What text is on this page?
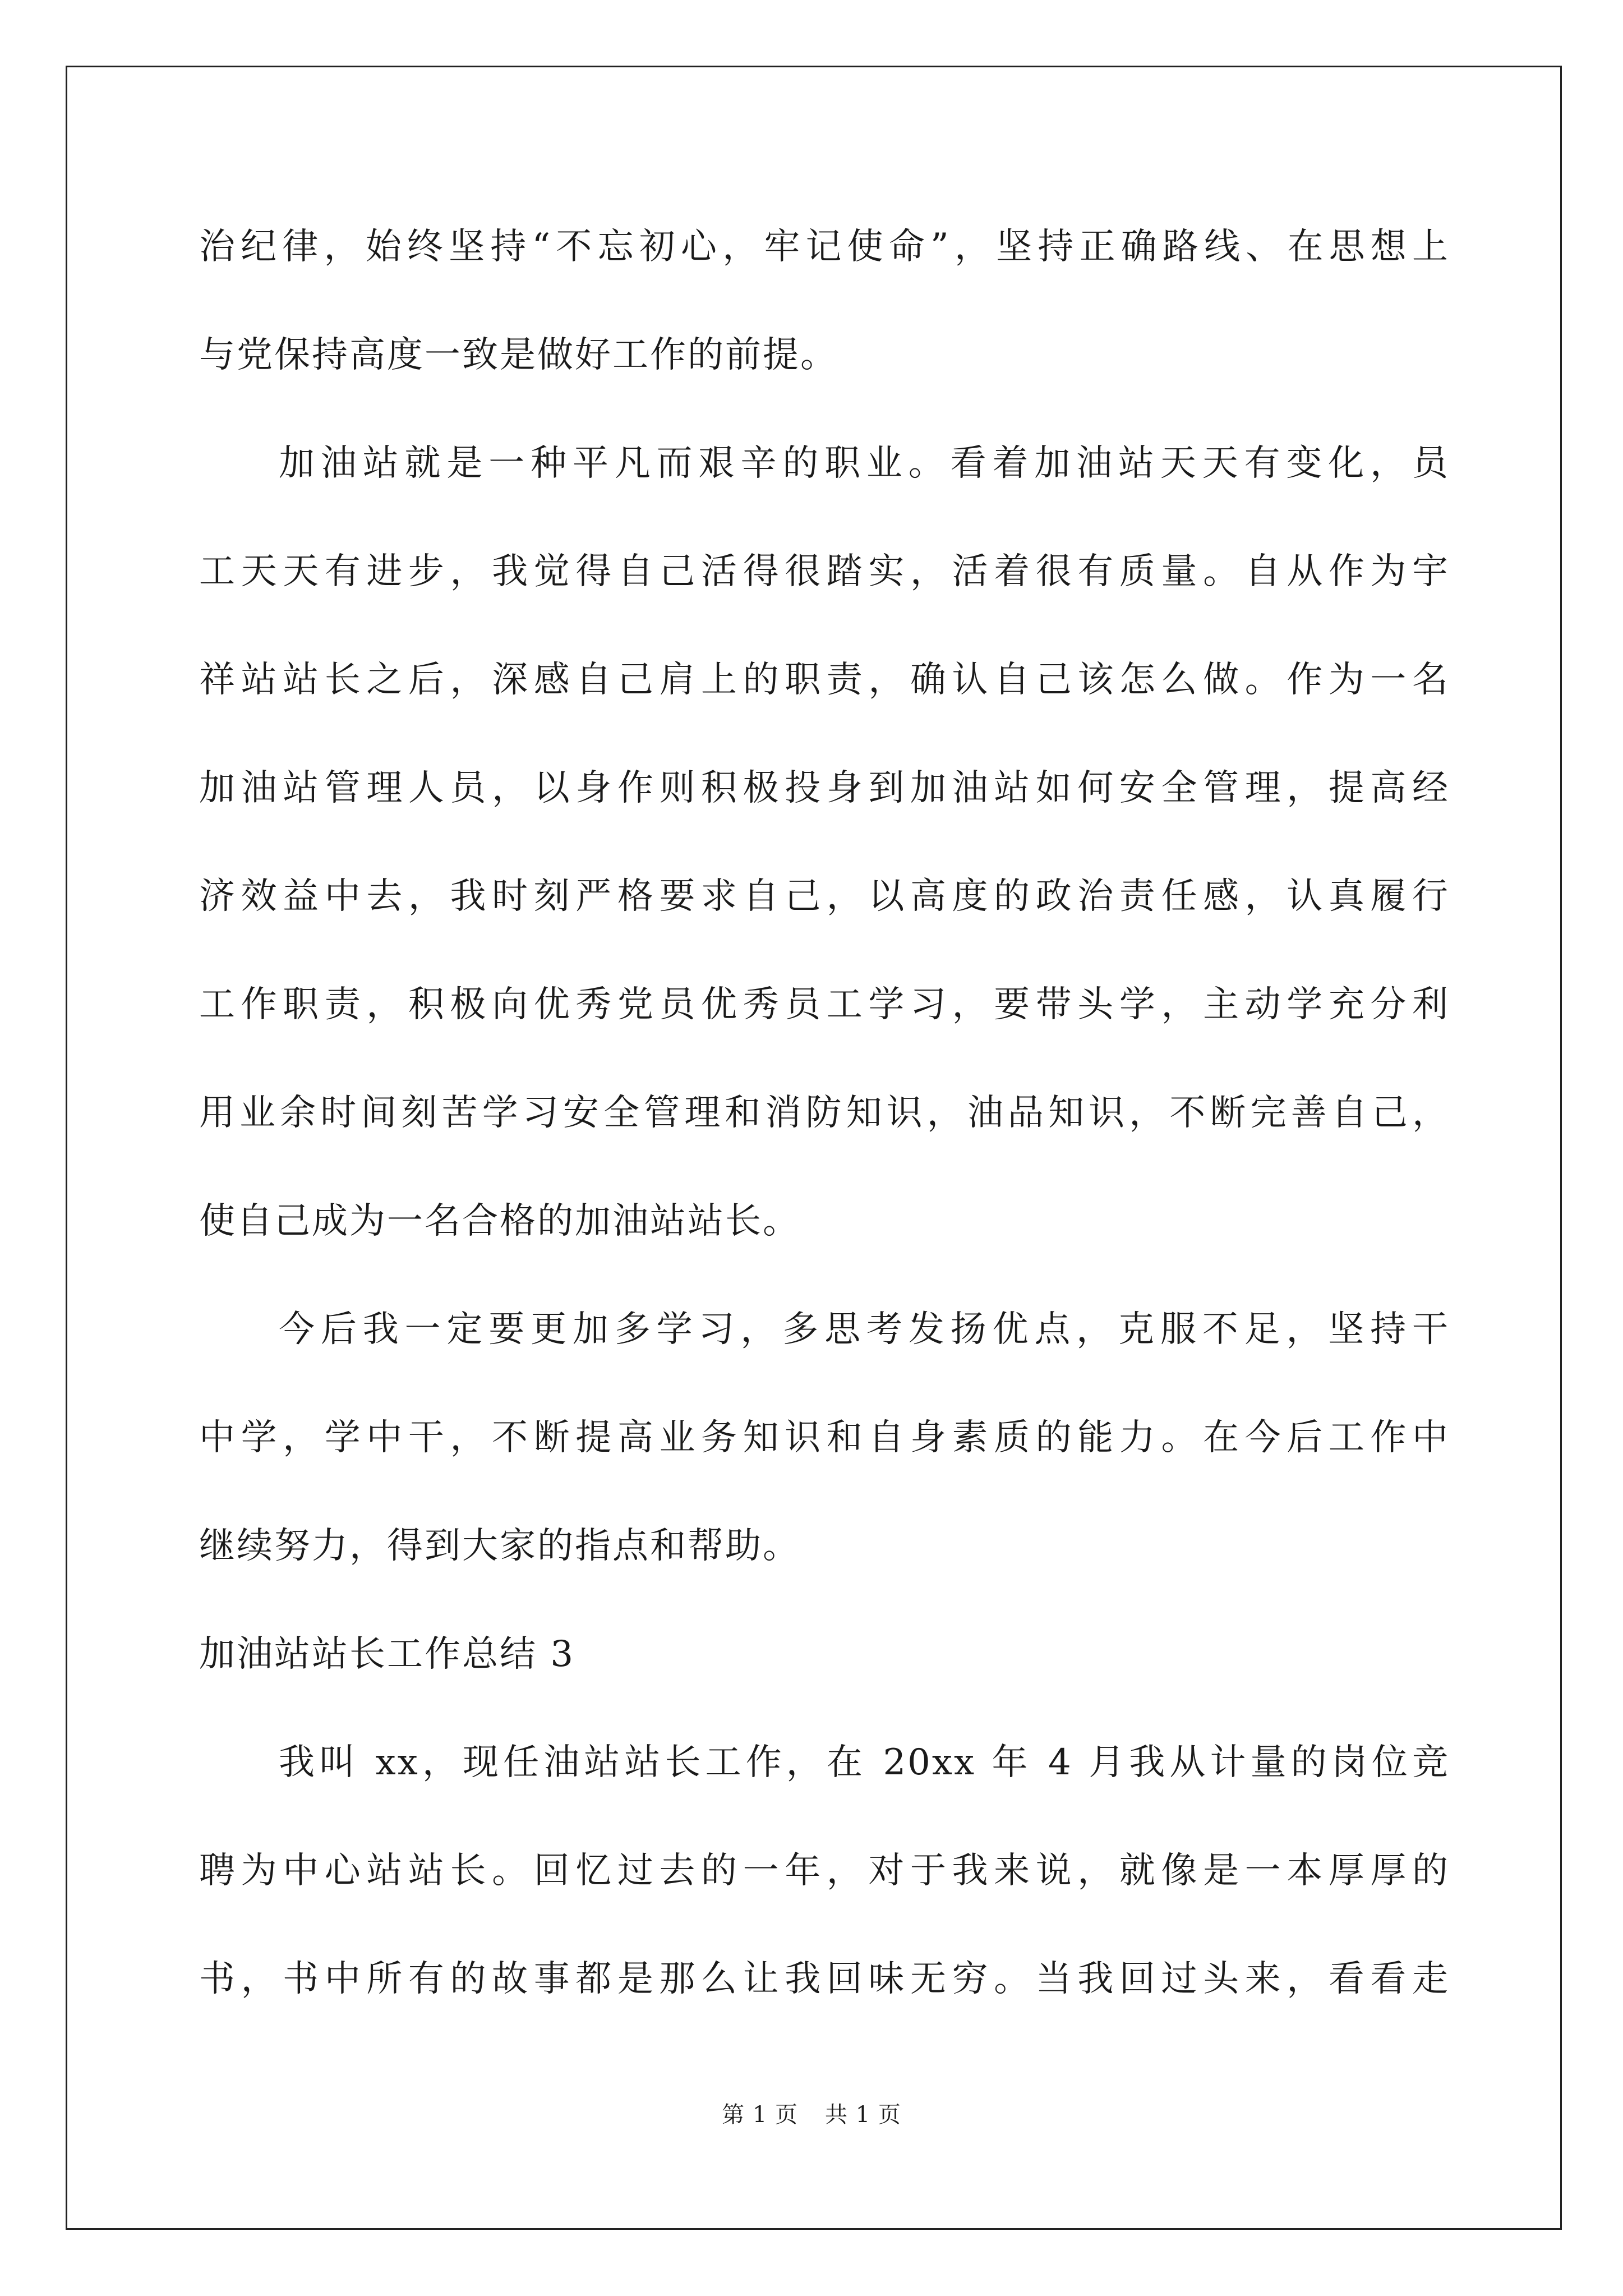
治纪律，始终坚持“不忘初心，牢记使命”，坚持正确路线、在思想上
与党保持高度一致是做好工作的前提。
加油站就是一种平凡而艰辛的职业。看着加油站天天有变化，员
工天天有进步，我觉得自己活得很踏实，活着很有质量。自从作为宇
祥站站长之后，深感自己肩上的职责，确认自己该怎么做。作为一名
加油站管理人员，以身作则积极投身到加油站如何安全管理，提高经
济效益中去，我时刻严格要求自己，以高度的政治责任感，认真履行
工作职责，积极向优秀党员优秀员工学习，要带头学，主动学充分利
用业余时间刻苦学习安全管理和消防知识，油品知识，不断完善自己，
使自己成为一名合格的加油站站长。
今后我一定要更加多学习，多思考发扬优点，克服不足，坚持干
中学，学中干，不断提高业务知识和自身素质的能力。在今后工作中
继续努力，得到大家的指点和帮助。
加油站站长工作总结 3
我叫 xx，现任油站站长工作，在 20xx 年 4 月我从计量的岗位竞
聘为中心站站长。回忆过去的一年，对于我来说，就像是一本厚厚的
书，书中所有的故事都是那么让我回味无穷。当我回过头来，看看走
第 1 页 共 1 页
